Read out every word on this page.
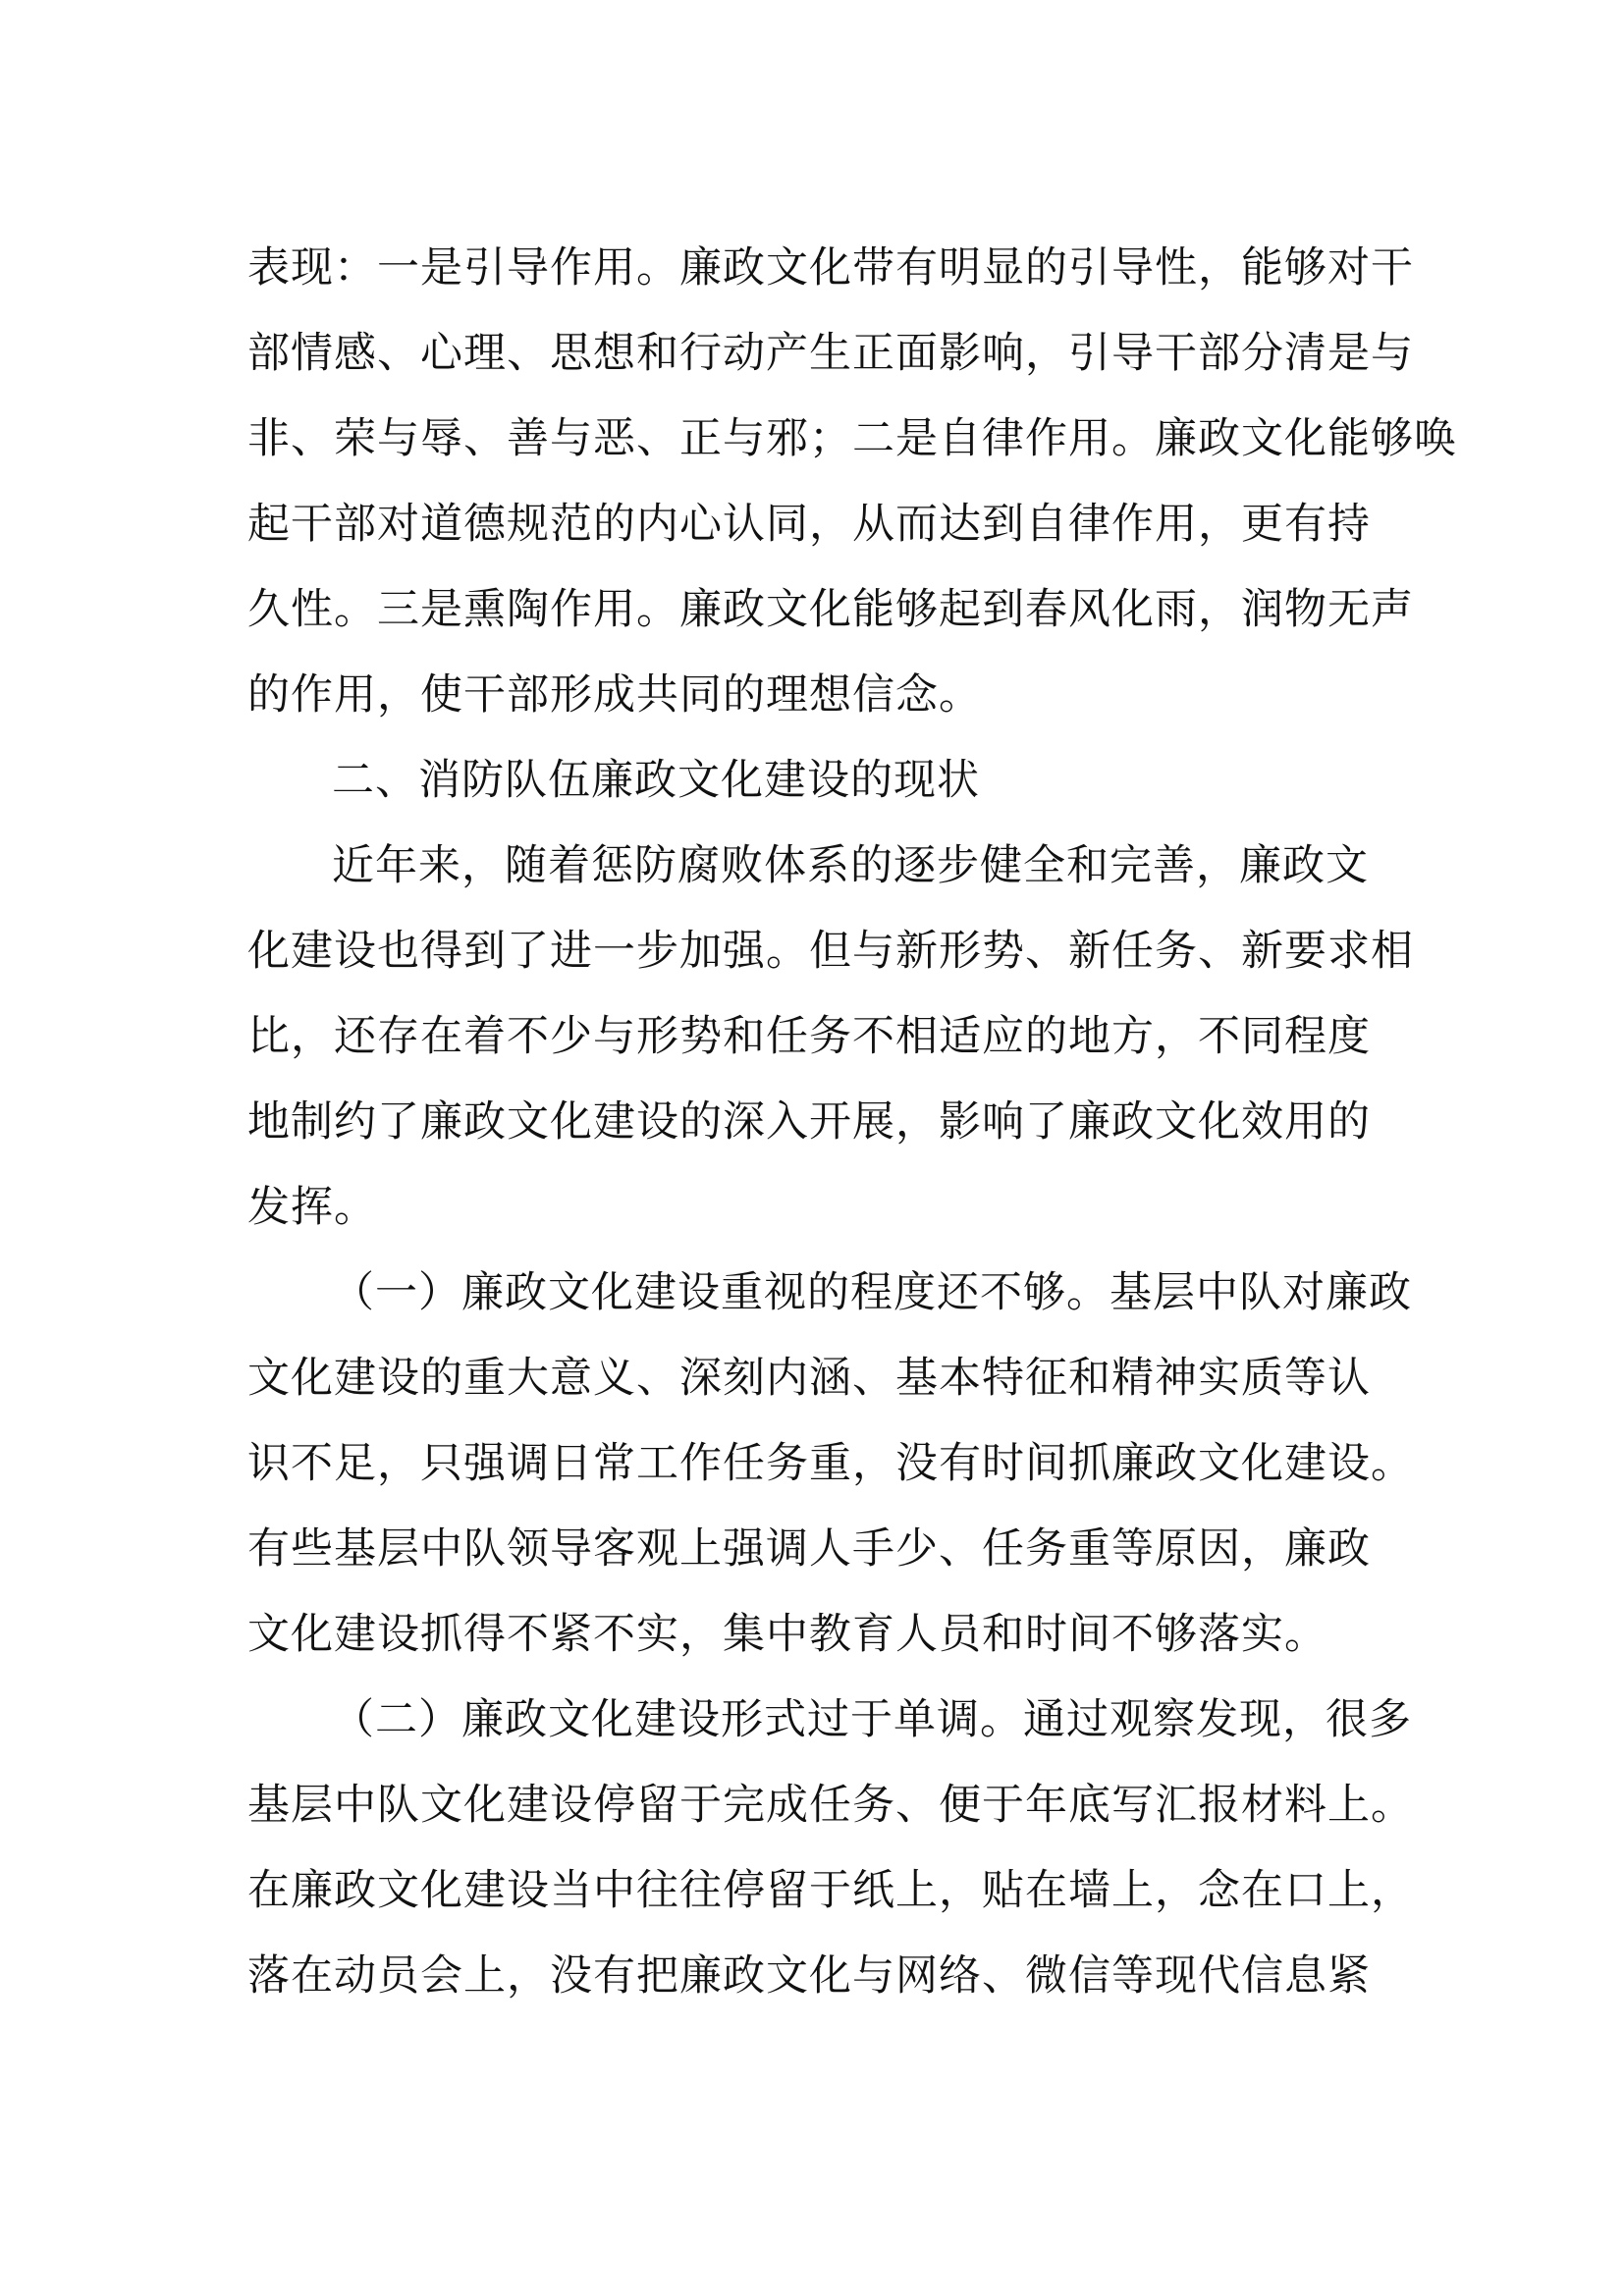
表现：一是引导作用。廉政文化带有明显的引导性，能够对干
部情感、心理、思想和行动产生正面影响，引导干部分清是与
非、荣与辱、善与恶、正与邪；二是自律作用。廉政文化能够唤
起干部对道德规范的内心认同，从而达到自律作用，更有持
久性。三是熏陶作用。廉政文化能够起到春风化雨，润物无声
的作用，使干部形成共同的理想信念。
二、消防队伍廉政文化建设的现状
近年来，随着惩防腐败体系的逐步健全和完善，廉政文
化建设也得到了进一步加强。但与新形势、新任务、新要求相
比，还存在着不少与形势和任务不相适应的地方，不同程度
地制约了廉政文化建设的深入开展，影响了廉政文化效用的
发挥。
（一）廉政文化建设重视的程度还不够。基层中队对廉政
文化建设的重大意义、深刻内涵、基本特征和精神实质等认
识不足，只强调日常工作任务重，没有时间抓廉政文化建设。
有些基层中队领导客观上强调人手少、任务重等原因，廉政
文化建设抓得不紧不实，集中教育人员和时间不够落实。
（二）廉政文化建设形式过于单调。通过观察发现，很多
基层中队文化建设停留于完成任务、便于年底写汇报材料上。
在廉政文化建设当中往往停留于纸上，贴在墙上，念在口上，
落在动员会上，没有把廉政文化与网络、微信等现代信息紧
